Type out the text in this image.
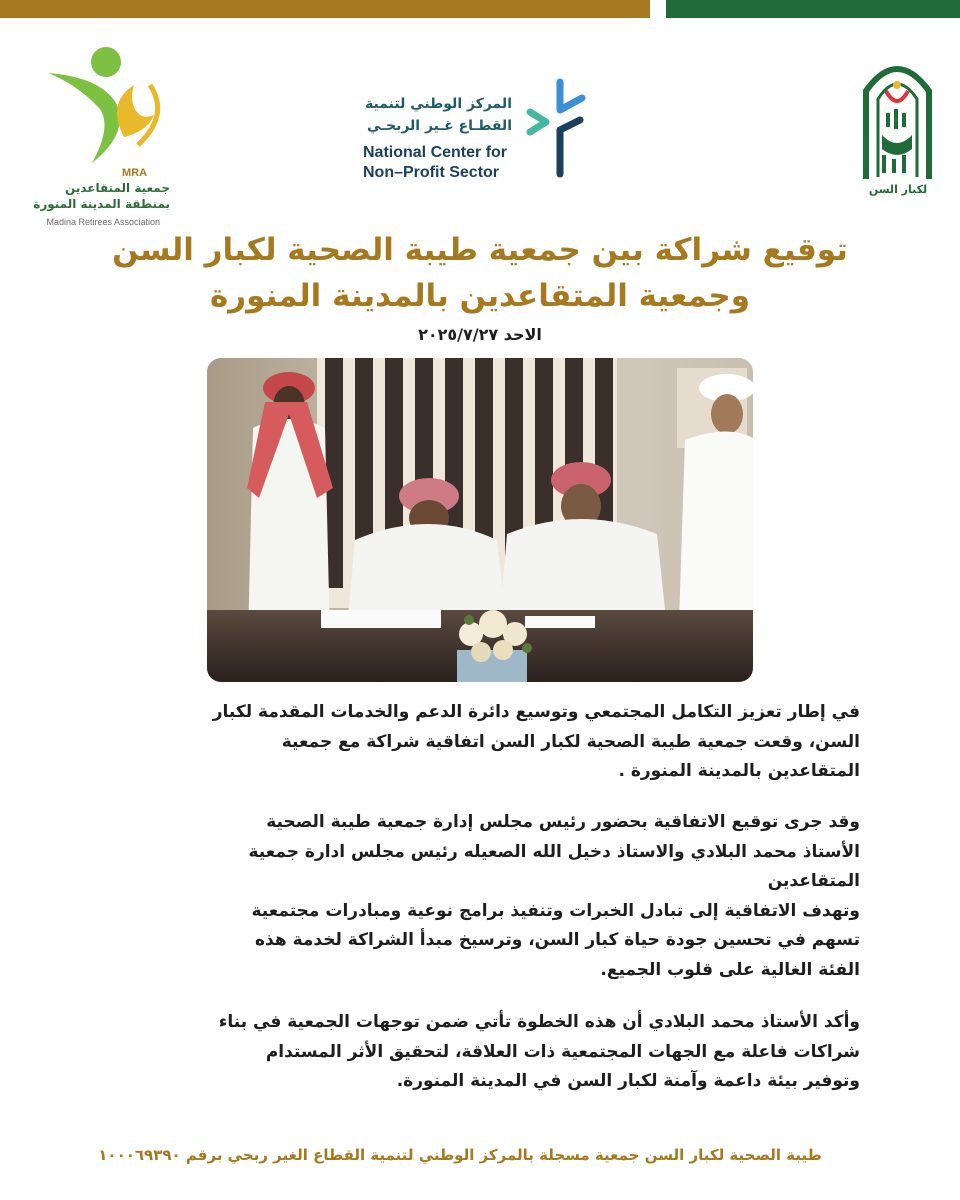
MRA
جمعية المتقاعدين
بمنطقة المدينة المنورة
Madina Retirees Association
المركز الوطني لتنمية
القطـاع غـير الربحـي
National Center for
Non–Profit Sector
لكبار السن
توقيع شراكة بين جمعية طيبة الصحية لكبار السن
وجمعية المتقاعدين بالمدينة المنورة
الاحد ٢٠٢٥/٧/٢٧

في إطار تعزيز التكامل المجتمعي وتوسيع دائرة الدعم والخدمات المقدمة لكبار

السن، وقعت جمعية طيبة الصحية لكبار السن اتفاقية شراكة مع جمعية

المتقاعدين بالمدينة المنورة .

وقد جرى توقيع الاتفاقية بحضور رئيس مجلس إدارة جمعية طيبة الصحية

الأستاذ محمد البلادي والاستاذ دخيل الله الصعيله رئيس مجلس ادارة جمعية

المتقاعدين

وتهدف الاتفاقية إلى تبادل الخبرات وتنفيذ برامج نوعية ومبادرات مجتمعية

تسهم في تحسين جودة حياة كبار السن، وترسيخ مبدأ الشراكة لخدمة هذه

الفئة الغالية على قلوب الجميع.

وأكد الأستاذ محمد البلادي أن هذه الخطوة تأتي ضمن توجهات الجمعية في بناء

شراكات فاعلة مع الجهات المجتمعية ذات العلاقة، لتحقيق الأثر المستدام

وتوفير بيئة داعمة وآمنة لكبار السن في المدينة المنورة.

طيبة الصحية لكبار السن جمعية مسجلة بالمركز الوطني لتنمية القطاع الغير ربحي برقم ١٠٠٠٦٩٣٩٠
